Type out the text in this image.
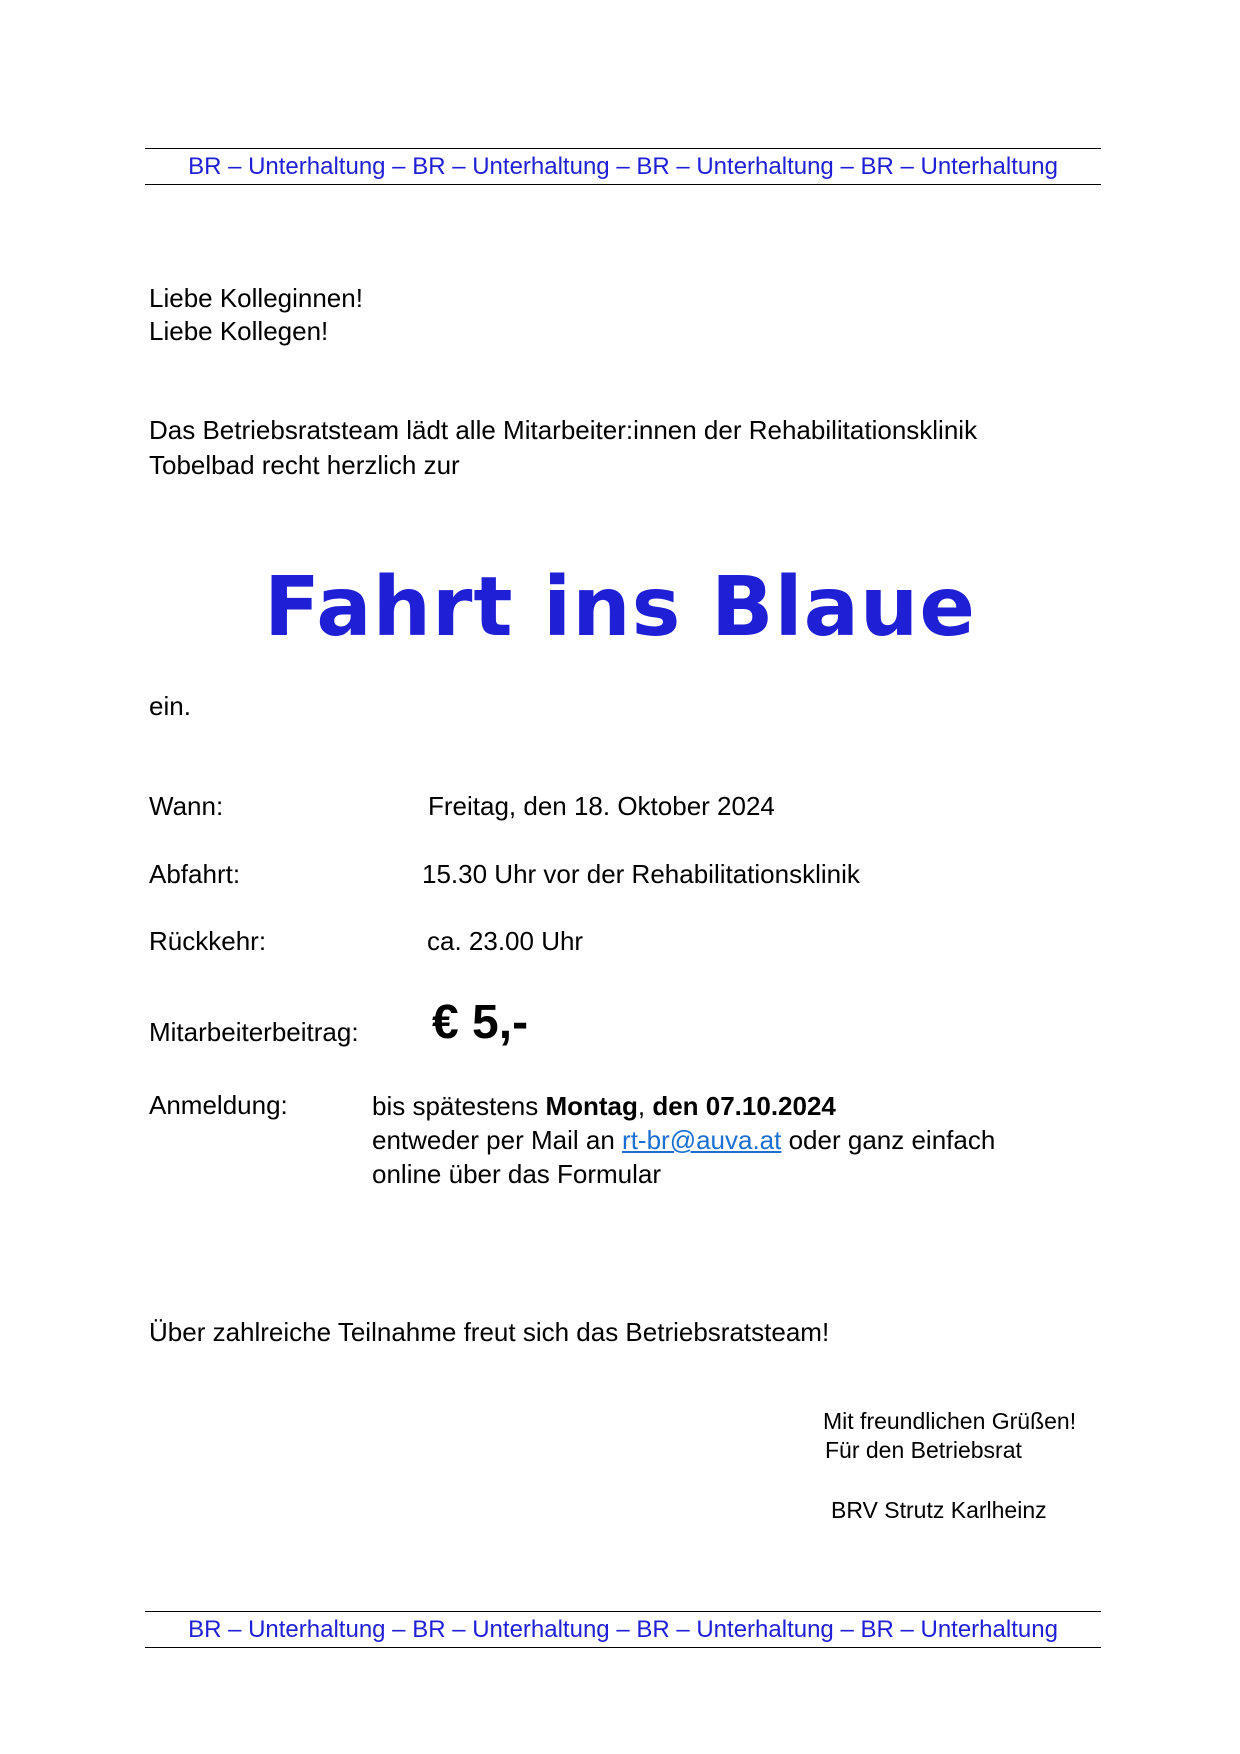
BR – Unterhaltung – BR – Unterhaltung – BR – Unterhaltung – BR – Unterhaltung
Liebe Kolleginnen!
Liebe Kollegen!
Das Betriebsratsteam lädt alle Mitarbeiter:innen der Rehabilitationsklinik
Tobelbad recht herzlich zur
Fahrt ins Blaue
ein.
Wann:	Freitag, den 18. Oktober 2024
Abfahrt:	15.30 Uhr vor der Rehabilitationsklinik
Rückkehr:	ca. 23.00 Uhr
Mitarbeiterbeitrag: € 5,-
Anmeldung:	bis spätestens Montag, den 07.10.2024
entweder per Mail an rt-br@auva.at oder ganz einfach
online über das Formular
Über zahlreiche Teilnahme freut sich das Betriebsratsteam!
Mit freundlichen Grüßen!
Für den Betriebsrat
BRV Strutz Karlheinz
BR – Unterhaltung – BR – Unterhaltung – BR – Unterhaltung – BR – Unterhaltung
